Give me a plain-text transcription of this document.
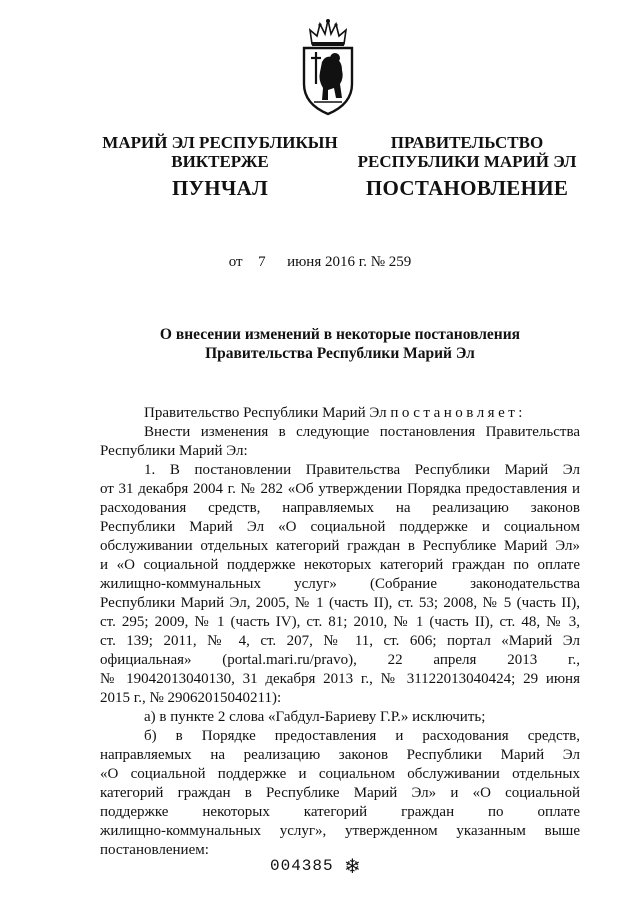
МАРИЙ ЭЛ РЕСПУБЛИКЫН
ВИКТЕРЖЕ
ПУНЧАЛ
ПРАВИТЕЛЬСТВО
РЕСПУБЛИКИ МАРИЙ ЭЛ
ПОСТАНОВЛЕНИЕ
от 7 июня 2016 г. № 259
О внесении изменений в некоторые постановления
Правительства Республики Марий Эл

Правительство Республики Марий Эл постановляет:

Внести изменения в следующие постановления Правительства

Республики Марий Эл:

1. В постановлении Правительства Республики Марий Эл

от 31 декабря 2004 г. № 282 «Об утверждении Порядка предоставления и

расходования средств, направляемых на реализацию законов

Республики Марий Эл «О социальной поддержке и социальном

обслуживании отдельных категорий граждан в Республике Марий Эл»

и «О социальной поддержке некоторых категорий граждан по оплате

жилищно-коммунальных услуг» (Собрание законодательства

Республики Марий Эл, 2005, № 1 (часть II), ст. 53; 2008, № 5 (часть II),

ст. 295; 2009, № 1 (часть IV), ст. 81; 2010, № 1 (часть II), ст. 48, № 3,

ст. 139; 2011, № 4, ст. 207, № 11, ст. 606; портал «Марий Эл

официальная» (portal.mari.ru/pravo), 22 апреля 2013 г.,

№ 19042013040130, 31 декабря 2013 г., № 31122013040424; 29 июня

2015 г., № 29062015040211):

а) в пункте 2 слова «Габдул-Бариеву Г.Р.» исключить;

б) в Порядке предоставления и расходования средств,

направляемых на реализацию законов Республики Марий Эл

«О социальной поддержке и социальном обслуживании отдельных

категорий граждан в Республике Марий Эл» и «О социальной

поддержке некоторых категорий граждан по оплате

жилищно-коммунальных услуг», утвержденном указанным выше

постановлением:

004385 ❄
